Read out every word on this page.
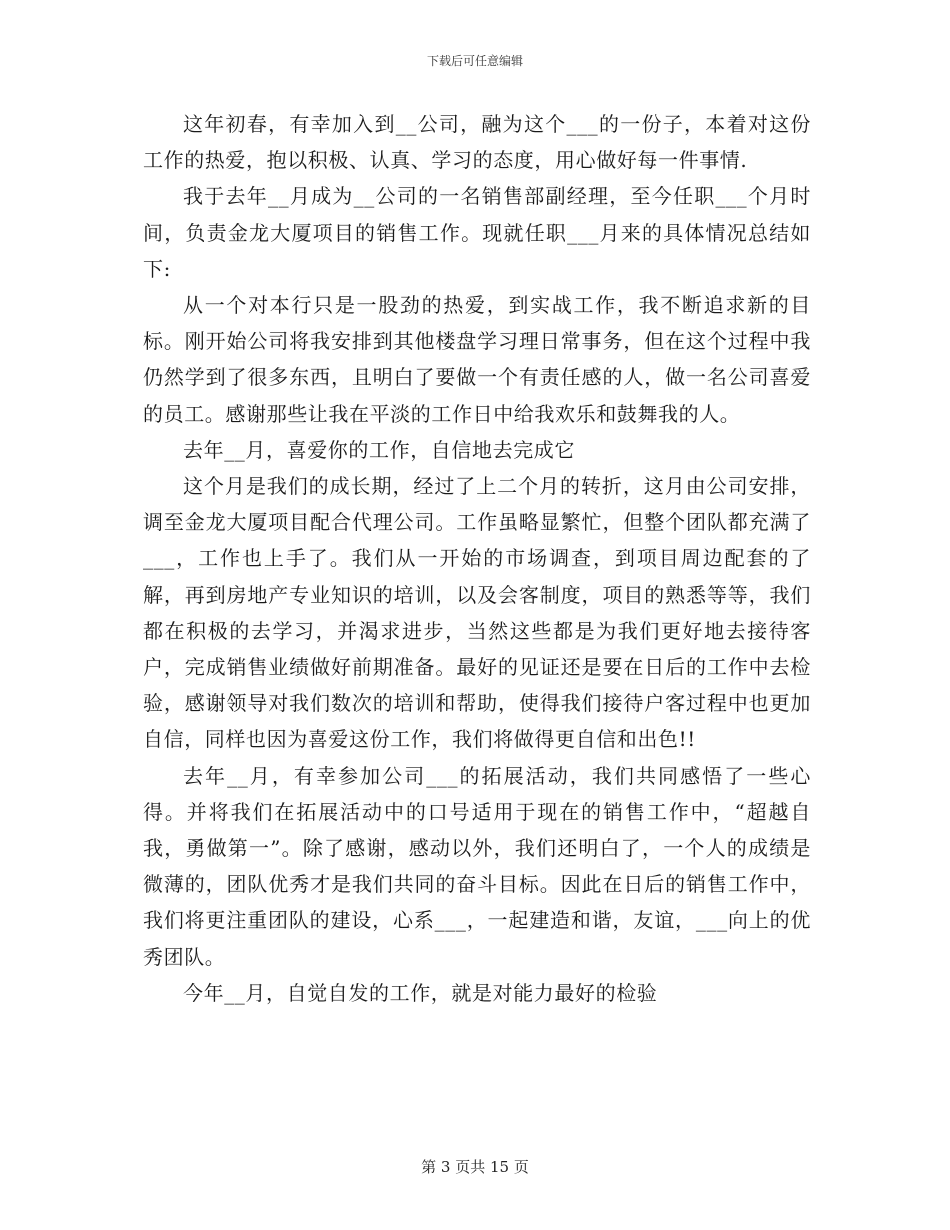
下载后可任意编辑

这年初春，有幸加入到__公司，融为这个___的一份子，本着对这份工作的热爱，抱以积极、认真、学习的态度，用心做好每一件事情.

我于去年__月成为__公司的一名销售部副经理，至今任职___个月时间，负责金龙大厦项目的销售工作。现就任职___月来的具体情况总结如下:

从一个对本行只是一股劲的热爱，到实战工作，我不断追求新的目标。刚开始公司将我安排到其他楼盘学习理日常事务，但在这个过程中我仍然学到了很多东西，且明白了要做一个有责任感的人，做一名公司喜爱的员工。感谢那些让我在平淡的工作日中给我欢乐和鼓舞我的人。

去年__月，喜爱你的工作，自信地去完成它

这个月是我们的成长期，经过了上二个月的转折，这月由公司安排，调至金龙大厦项目配合代理公司。工作虽略显繁忙，但整个团队都充满了___，工作也上手了。我们从一开始的市场调查，到项目周边配套的了解，再到房地产专业知识的培训，以及会客制度，项目的熟悉等等，我们都在积极的去学习，并渴求进步，当然这些都是为我们更好地去接待客户，完成销售业绩做好前期准备。最好的见证还是要在日后的工作中去检验，感谢领导对我们数次的培训和帮助，使得我们接待户客过程中也更加自信，同样也因为喜爱这份工作，我们将做得更自信和出色!!

去年__月，有幸参加公司___的拓展活动，我们共同感悟了一些心得。并将我们在拓展活动中的口号适用于现在的销售工作中，“超越自我，勇做第一”。除了感谢，感动以外，我们还明白了，一个人的成绩是微薄的，团队优秀才是我们共同的奋斗目标。因此在日后的销售工作中，我们将更注重团队的建设，心系___，一起建造和谐，友谊，___向上的优秀团队。

今年__月，自觉自发的工作，就是对能力最好的检验

第 3 页共 15 页
